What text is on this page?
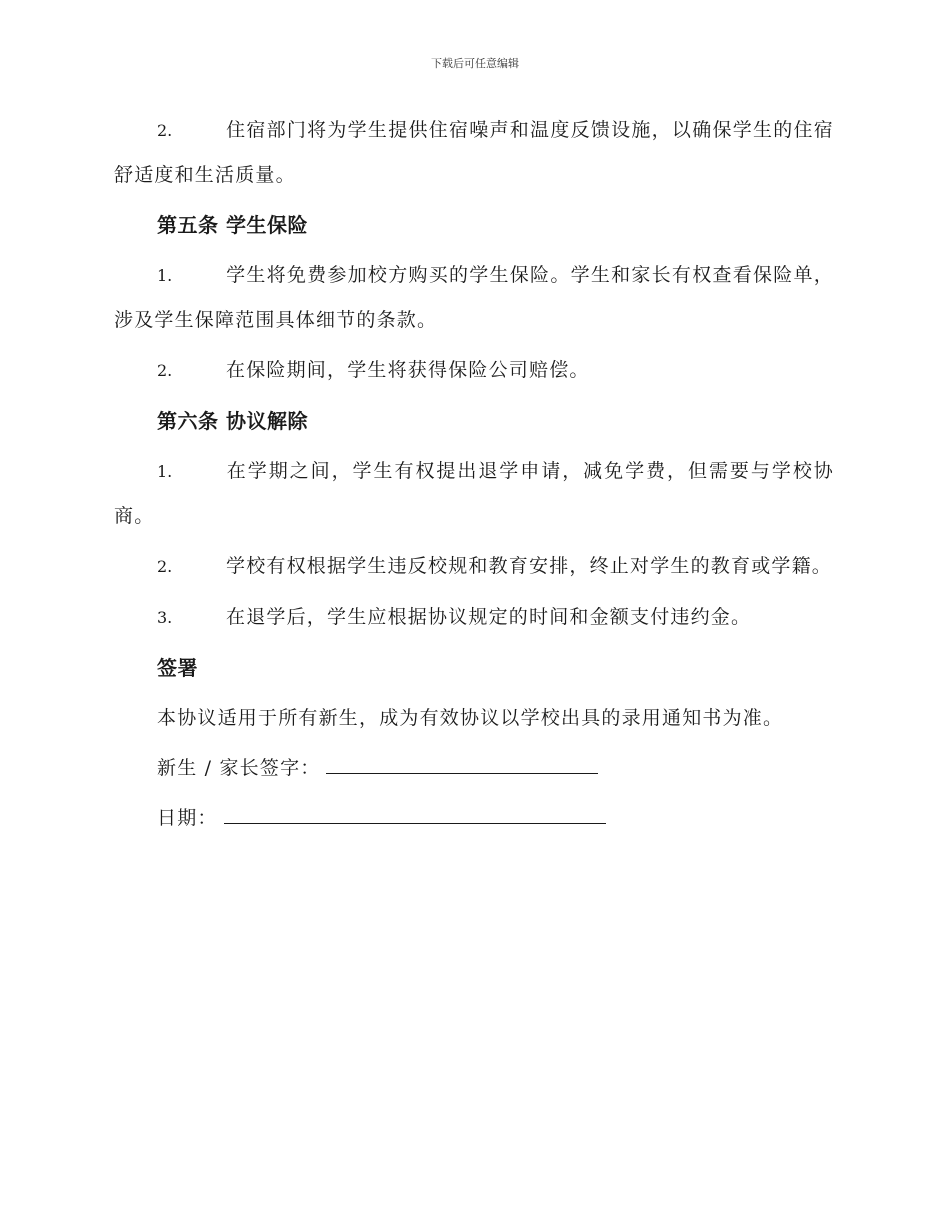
下载后可任意编辑

2.	住宿部门将为学生提供住宿噪声和温度反馈设施，以确保学生的住宿舒适度和生活质量。

第五条 学生保险

1.	学生将免费参加校方购买的学生保险。学生和家长有权查看保险单，涉及学生保障范围具体细节的条款。

2.	在保险期间，学生将获得保险公司赔偿。

第六条 协议解除

1.	在学期之间，学生有权提出退学申请，减免学费，但需要与学校协商。

2.	学校有权根据学生违反校规和教育安排，终止对学生的教育或学籍。

3.	在退学后，学生应根据协议规定的时间和金额支付违约金。

签署

本协议适用于所有新生，成为有效协议以学校出具的录用通知书为准。

新生 / 家长签字：
日期：
